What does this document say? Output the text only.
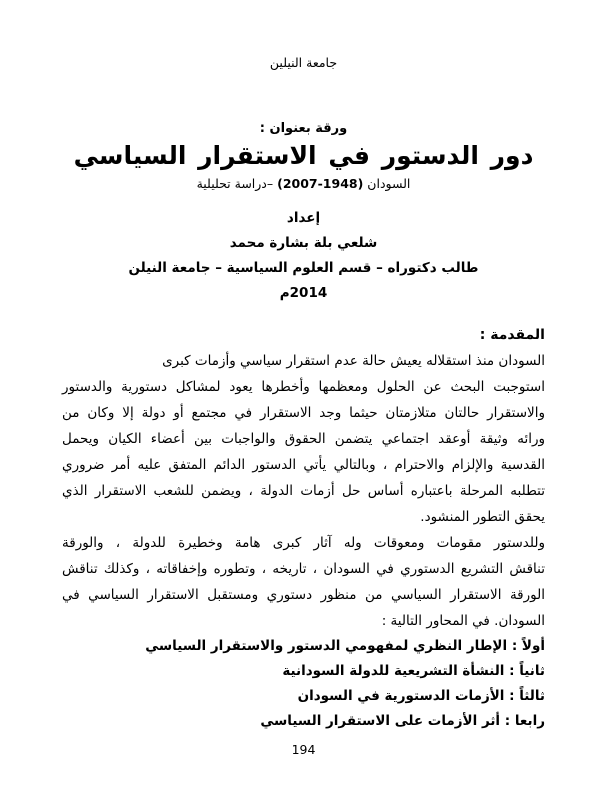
جامعة النيلين
ورقة بعنوان :
دور الدستور في الاستقرار السياسي
السودان (2007-1948) –دراسة تحليلية
إعداد
شلعي بلة بشارة محمد
طالب دكتوراه – قسم العلوم السياسية – جامعة النيلن
2014م
المقدمة :
السودان منذ استقلاله يعيش حالة عدم استقرار سياسي وأزمات كبرى
استوجبت البحث عن الحلول ومعظمها وأخطرها يعود لمشاكل دستورية والدستور
والاستقرار حالتان متلازمتان حيثما وجد الاستقرار في مجتمع أو دولة إلا وكان من
ورائه وثيقة أوعقد اجتماعي يتضمن الحقوق والواجبات بين أعضاء الكيان ويحمل
القدسية والإلزام والاحترام ، وبالتالي يأتي الدستور الدائم المتفق عليه أمر ضروري
تتطلبه المرحلة باعتباره أساس حل أزمات الدولة ، ويضمن للشعب الاستقرار الذي
يحقق التطور المنشود.
وللدستور مقومات ومعوقات وله آثار كبرى هامة وخطيرة للدولة ، والورقة
تناقش التشريع الدستوري في السودان ، تاريخه ، وتطوره وإخفاقاته ، وكذلك تناقش
الورقة الاستقرار السياسي من منظور دستوري ومستقبل الاستقرار السياسي في
السودان. في المحاور التالية :
أولاً : الإطار النظري لمفهومي الدستور والاستقرار السياسي
ثانياً : النشأة التشريعية للدولة السودانية
ثالثاً : الأزمات الدستورية في السودان
رابعا : أثر الأزمات على الاستقرار السياسي
194
